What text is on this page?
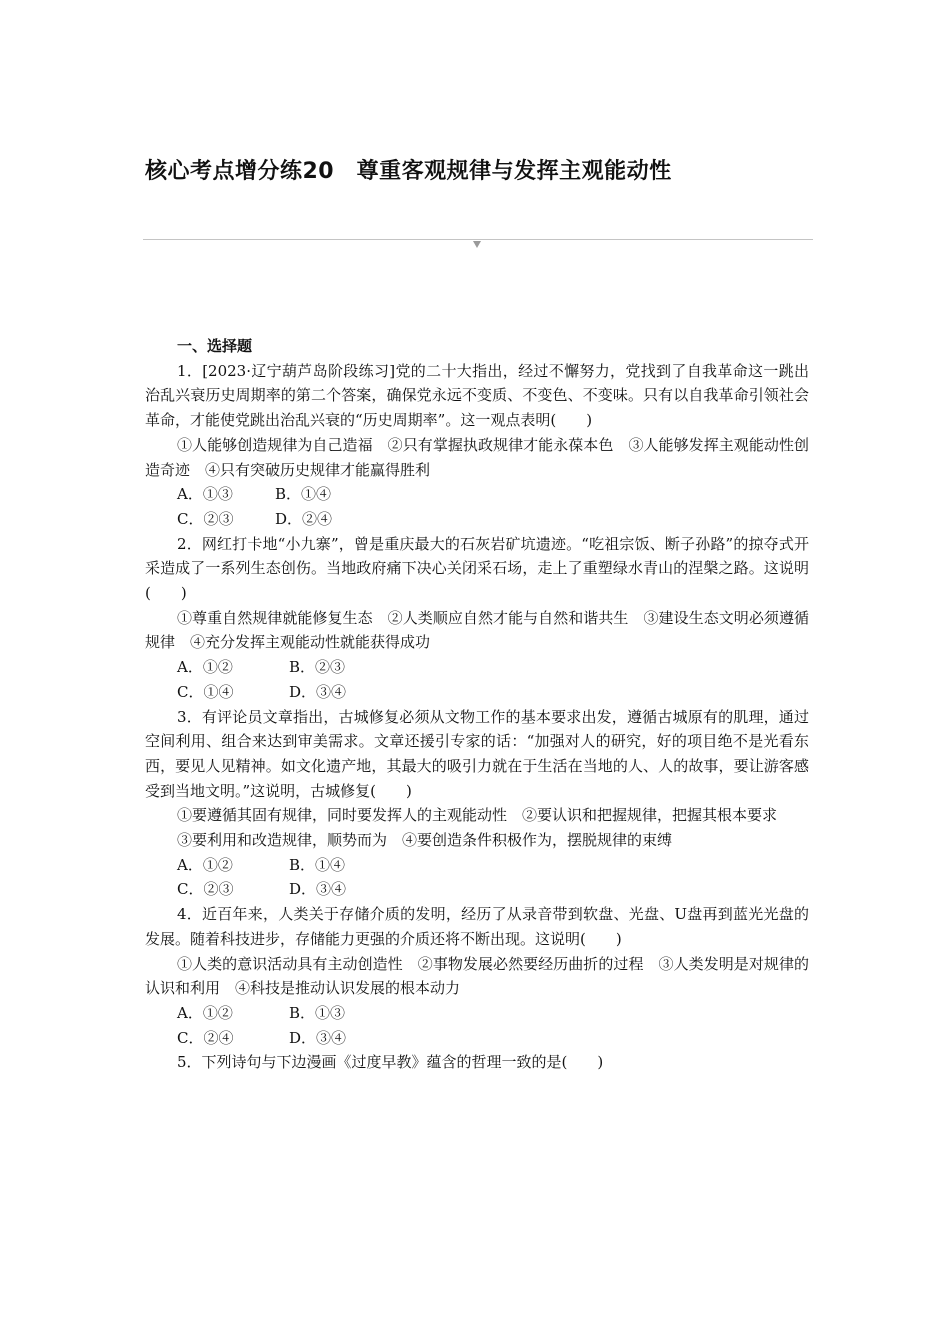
核心考点增分练20　尊重客观规律与发挥主观能动性

一、选择题

1．[2023·辽宁葫芦岛阶段练习]党的二十大指出，经过不懈努力，党找到了自我革命这一跳出治乱兴衰历史周期率的第二个答案，确保党永远不变质、不变色、不变味。只有以自我革命引领社会革命，才能使党跳出治乱兴衰的“历史周期率”。这一观点表明(　　)

①人能够创造规律为自己造福　②只有掌握执政规律才能永葆本色　③人能够发挥主观能动性创造奇迹　④只有突破历史规律才能赢得胜利

A．①③	B．①④
C．②③	D．②④

2．网红打卡地“小九寨”，曾是重庆最大的石灰岩矿坑遗迹。“吃祖宗饭、断子孙路”的掠夺式开采造成了一系列生态创伤。当地政府痛下决心关闭采石场，走上了重塑绿水青山的涅槃之路。这说明(　　)

①尊重自然规律就能修复生态　②人类顺应自然才能与自然和谐共生　③建设生态文明必须遵循规律　④充分发挥主观能动性就能获得成功

A．①②	B．②③
C．①④	D．③④

3．有评论员文章指出，古城修复必须从文物工作的基本要求出发，遵循古城原有的肌理，通过空间利用、组合来达到审美需求。文章还援引专家的话：“加强对人的研究，好的项目绝不是光看东西，要见人见精神。如文化遗产地，其最大的吸引力就在于生活在当地的人、人的故事，要让游客感受到当地文明。”这说明，古城修复(　　)

①要遵循其固有规律，同时要发挥人的主观能动性　②要认识和把握规律，把握其根本要求

③要利用和改造规律，顺势而为　④要创造条件积极作为，摆脱规律的束缚

A．①②	B．①④
C．②③	D．③④

4．近百年来，人类关于存储介质的发明，经历了从录音带到软盘、光盘、U盘再到蓝光光盘的发展。随着科技进步，存储能力更强的介质还将不断出现。这说明(　　)

①人类的意识活动具有主动创造性　②事物发展必然要经历曲折的过程　③人类发明是对规律的认识和利用　④科技是推动认识发展的根本动力

A．①②	B．①③
C．②④	D．③④

5．下列诗句与下边漫画《过度早教》蕴含的哲理一致的是(　　)
